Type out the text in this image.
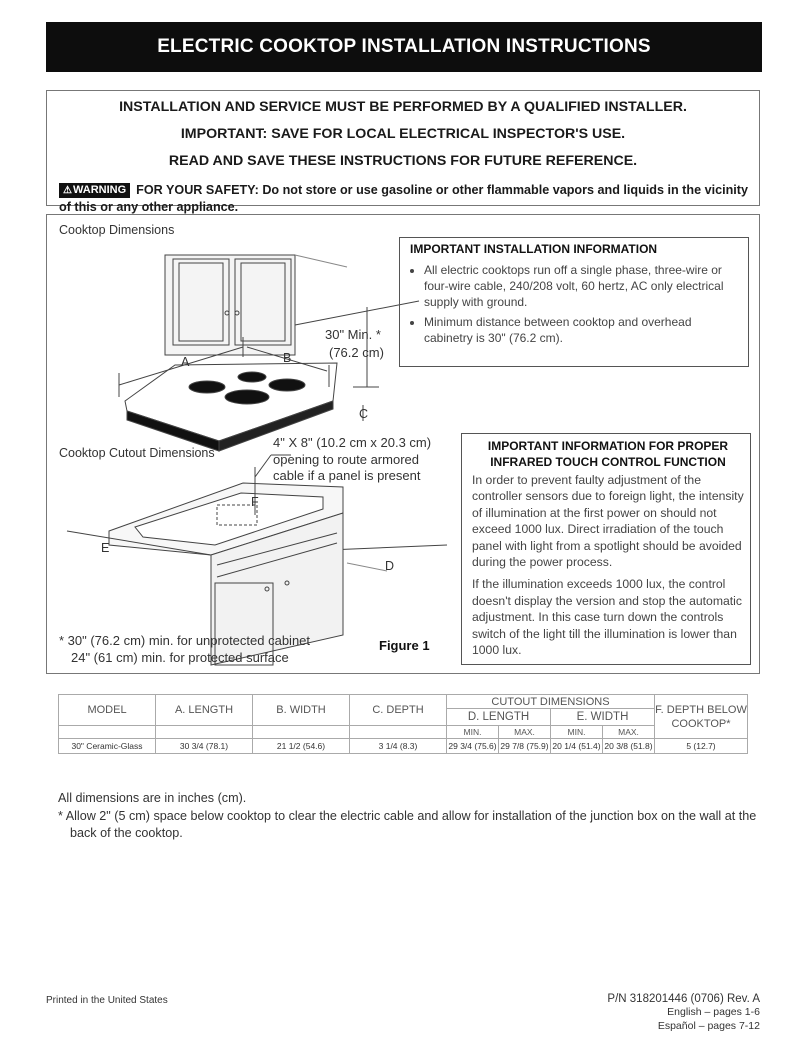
ELECTRIC COOKTOP INSTALLATION INSTRUCTIONS
INSTALLATION AND SERVICE MUST BE PERFORMED BY A QUALIFIED INSTALLER.
IMPORTANT: SAVE FOR LOCAL ELECTRICAL INSPECTOR'S USE.
READ AND SAVE THESE INSTRUCTIONS FOR FUTURE REFERENCE.
⚠WARNING FOR YOUR SAFETY: Do not store or use gasoline or other flammable vapors and liquids in the vicinity of this or any other appliance.
Cooktop Dimensions
Cooktop Cutout Dimensions
30" Min. *
(76.2 cm)
A	B
C
D
E
F
4" X 8" (10.2 cm x 20.3 cm)
opening to route armored
cable if a panel is present
* 30" (76.2 cm) min. for unprotected cabinet
24" (61 cm) min. for protected surface
Figure 1
IMPORTANT INSTALLATION INFORMATION
• All electric cooktops run off a single phase, three-wire or four-wire cable, 240/208 volt, 60 hertz, AC only electrical supply with ground.
• Minimum distance between cooktop and overhead cabinetry is 30" (76.2 cm).
IMPORTANT INFORMATION FOR PROPER
INFRARED TOUCH CONTROL FUNCTION

In order to prevent faulty adjustment of the controller sensors due to foreign light, the intensity of illumination at the first power on should not exceed 1000 lux. Direct irradiation of the touch panel with light from a spotlight should be avoided during the power process.

If the illumination exceeds 1000 lux, the control doesn't display the version and stop the automatic adjustment. In this case turn down the controls switch of the light till the illumination is lower than 1000 lux.

MODEL	A. LENGTH	B. WIDTH	C. DEPTH	CUTOUT DIMENSIONS				F. DEPTH BELOW
COOKTOP*

				D. LENGTH		E. WIDTH		
				MIN.	MAX.	MIN.	MAX.	
30" Ceramic-Glass	30 3/4 (78.1)	21 1/2 (54.6)	3 1/4 (8.3)	29 3/4 (75.6)	29 7/8 (75.9)	20 1/4 (51.4)	20 3/8 (51.8)	5 (12.7)

All dimensions are in inches (cm).

* Allow 2" (5 cm) space below cooktop to clear the electric cable and allow for installation of the junction box on the wall at the back of the cooktop.

Printed in the United States	P/N 318201446 (0706) Rev. A
English – pages 1-6
Español – pages 7-12
